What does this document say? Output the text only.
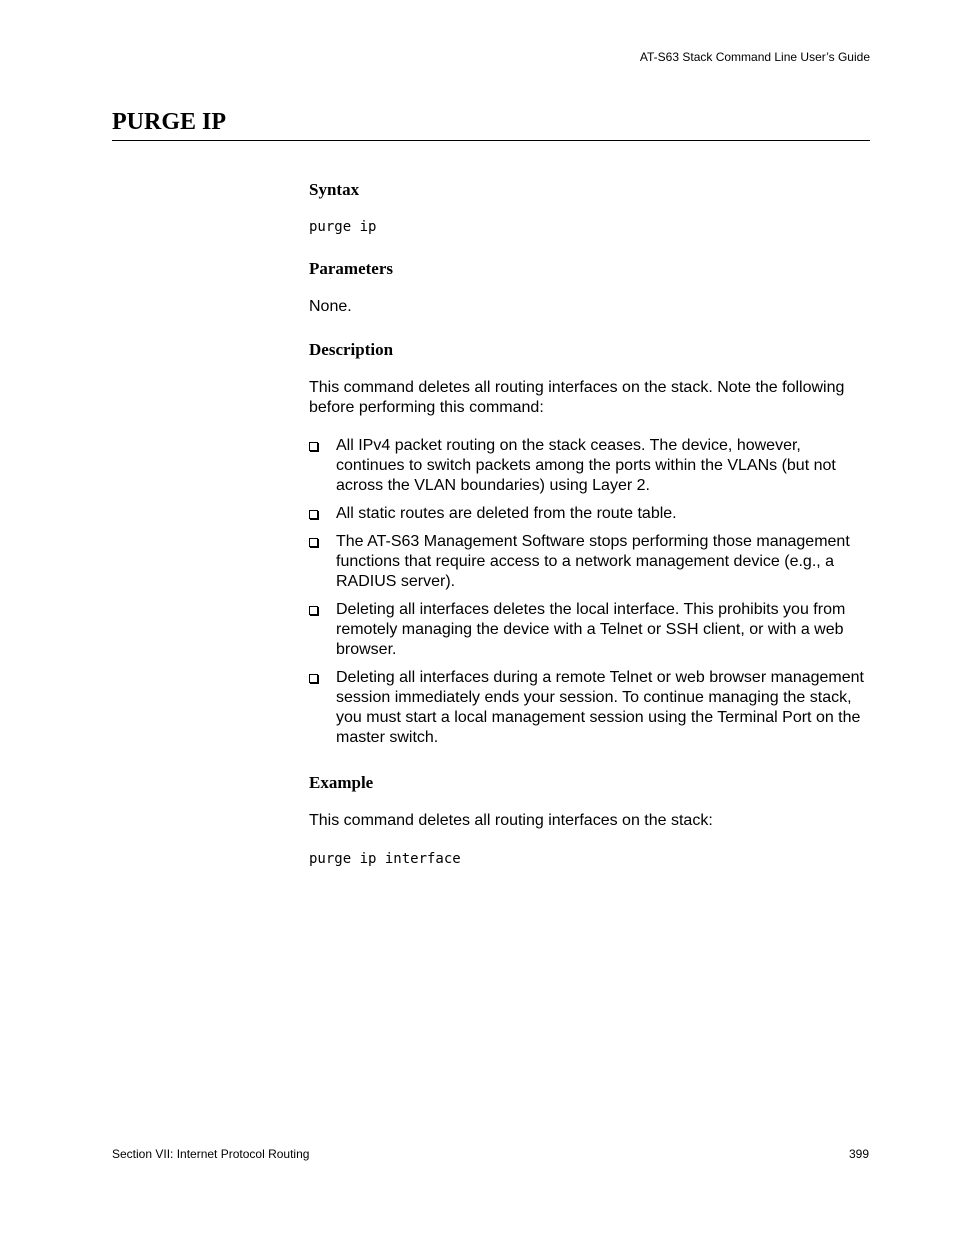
AT-S63 Stack Command Line User’s Guide
PURGE IP
Syntax
purge ip
Parameters

None.

Description

This command deletes all routing interfaces on the stack. Note the following before performing this command:

All IPv4 packet routing on the stack ceases. The device, however, continues to switch packets among the ports within the VLANs (but not across the VLAN boundaries) using Layer 2.
All static routes are deleted from the route table.
The AT-S63 Management Software stops performing those management functions that require access to a network management device (e.g., a RADIUS server).
Deleting all interfaces deletes the local interface. This prohibits you from remotely managing the device with a Telnet or SSH client, or with a web browser.
Deleting all interfaces during a remote Telnet or web browser management session immediately ends your session. To continue managing the stack, you must start a local management session using the Terminal Port on the master switch.
Example

This command deletes all routing interfaces on the stack:

purge ip interface
Section VII: Internet Protocol Routing	399
